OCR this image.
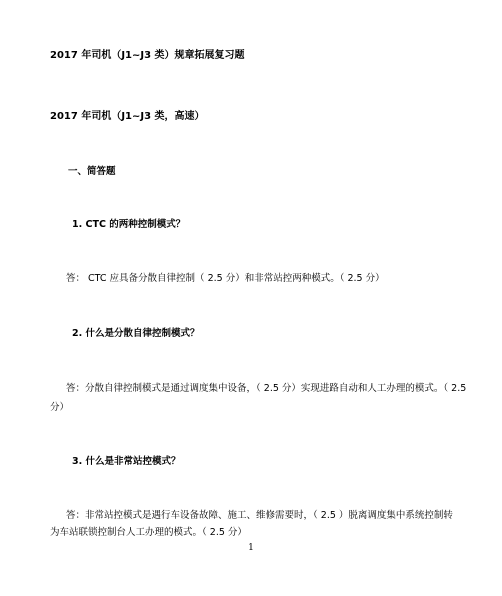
2017 年司机（J1~J3 类）规章拓展复习题
2017 年司机（J1~J3 类，高速）
一、简答题
1. CTC 的两种控制模式？
答： CTC 应具备分散自律控制（ 2.5 分）和非常站控两种模式。（ 2.5 分）
2. 什么是分散自律控制模式？
答：分散自律控制模式是通过调度集中设备，（ 2.5 分）实现进路自动和人工办理的模式。（ 2.5
分）
3. 什么是非常站控模式？
答：非常站控模式是遇行车设备故障、施工、维修需要时，（ 2.5 ）脱离调度集中系统控制转
为车站联锁控制台人工办理的模式。（ 2.5 分）
1
